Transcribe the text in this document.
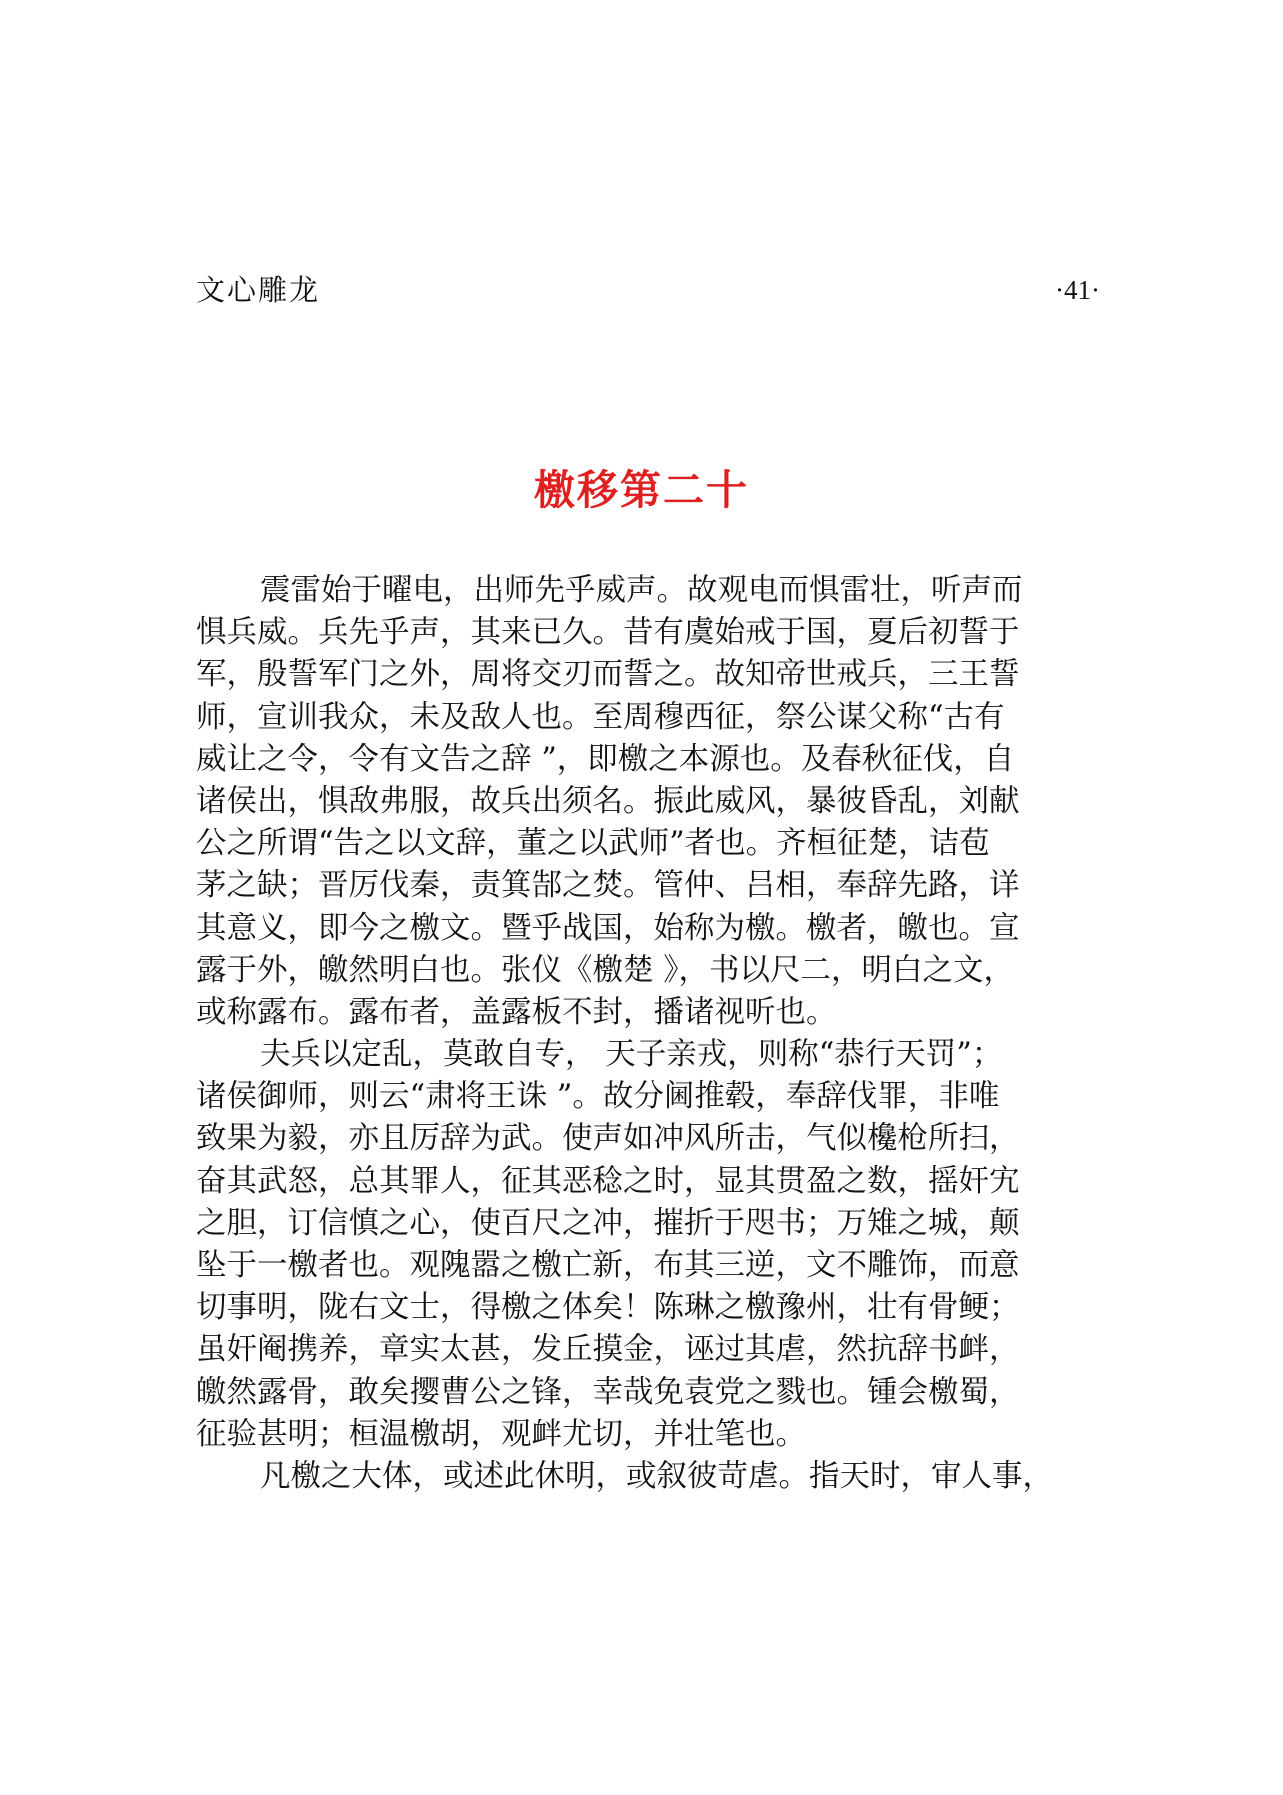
文心雕龙	·41·
檄移第二十
震雷始于曜电，出师先乎威声。故观电而惧雷壮，听声而
惧兵威。兵先乎声，其来已久。昔有虞始戒于国，夏后初誓于
军，殷誓军门之外，周将交刃而誓之。故知帝世戒兵，三王誓
师，宣训我众，未及敌人也。至周穆西征，祭公谋父称“古有
威让之令，令有文告之辞 ”，即檄之本源也。及春秋征伐，自
诸侯出，惧敌弗服，故兵出须名。振此威风，暴彼昏乱，刘献
公之所谓“告之以文辞，董之以武师”者也。齐桓征楚，诘苞
茅之缺；晋厉伐秦，责箕郜之焚。管仲、吕相，奉辞先路，详
其意义，即今之檄文。暨乎战国，始称为檄。檄者，皦也。宣
露于外，皦然明白也。张仪《檄楚 》，书以尺二，明白之文，
或称露布。露布者，盖露板不封，播诸视听也。
夫兵以定乱，莫敢自专， 天子亲戎，则称“恭行天罚”；
诸侯御师，则云“肃将王诛 ”。故分阃推毂，奉辞伐罪，非唯
致果为毅，亦且厉辞为武。使声如冲风所击，气似欃枪所扫，
奋其武怒，总其罪人，征其恶稔之时，显其贯盈之数，摇奸宄
之胆，订信慎之心，使百尺之冲，摧折于咫书；万雉之城，颠
坠于一檄者也。观隗嚣之檄亡新，布其三逆，文不雕饰，而意
切事明，陇右文士，得檄之体矣！陈琳之檄豫州，壮有骨鲠；
虽奸阉携养，章实太甚，发丘摸金，诬过其虐，然抗辞书衅，
皦然露骨，敢矣撄曹公之锋，幸哉免袁党之戮也。锺会檄蜀，
征验甚明；桓温檄胡，观衅尤切，并壮笔也。
凡檄之大体，或述此休明，或叙彼苛虐。指天时，审人事，
